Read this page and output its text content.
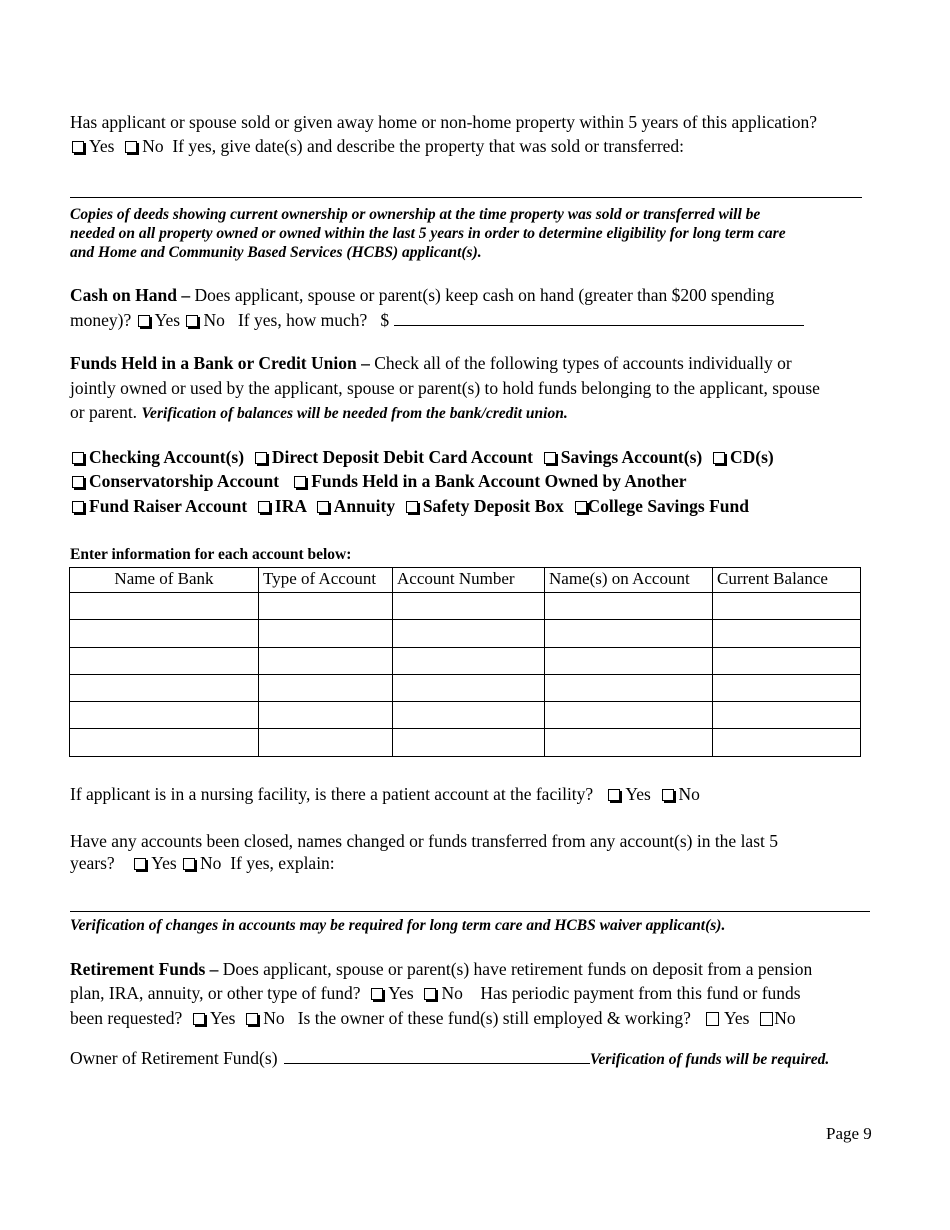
Has applicant or spouse sold or given away home or non-home property within 5 years of this application?
Yes No If yes, give date(s) and describe the property that was sold or transferred:
Copies of deeds showing current ownership or ownership at the time property was sold or transferred will be
needed on all property owned or owned within the last 5 years in order to determine eligibility for long term care
and Home and Community Based Services (HCBS) applicant(s).
Cash on Hand – Does applicant, spouse or parent(s) keep cash on hand (greater than $200 spending
money)? Yes No If yes, how much? $
Funds Held in a Bank or Credit Union – Check all of the following types of accounts individually or
jointly owned or used by the applicant, spouse or parent(s) to hold funds belonging to the applicant, spouse
or parent. Verification of balances will be needed from the bank/credit union.
Checking Account(s) Direct Deposit Debit Card Account Savings Account(s) CD(s)
Conservatorship Account Funds Held in a Bank Account Owned by Another
Fund Raiser Account IRA Annuity Safety Deposit Box College Savings Fund
Enter information for each account below:
Name of Bank	Type of Account	Account Number	Name(s) on Account	Current Balance

If applicant is in a nursing facility, is there a patient account at the facility? Yes No
Have any accounts been closed, names changed or funds transferred from any account(s) in the last 5
years? Yes No If yes, explain:
Verification of changes in accounts may be required for long term care and HCBS waiver applicant(s).
Retirement Funds – Does applicant, spouse or parent(s) have retirement funds on deposit from a pension
plan, IRA, annuity, or other type of fund? Yes No Has periodic payment from this fund or funds
been requested? Yes No Is the owner of these fund(s) still employed & working? Yes No
Owner of Retirement Fund(s)	Verification of funds will be required.
Page 9
